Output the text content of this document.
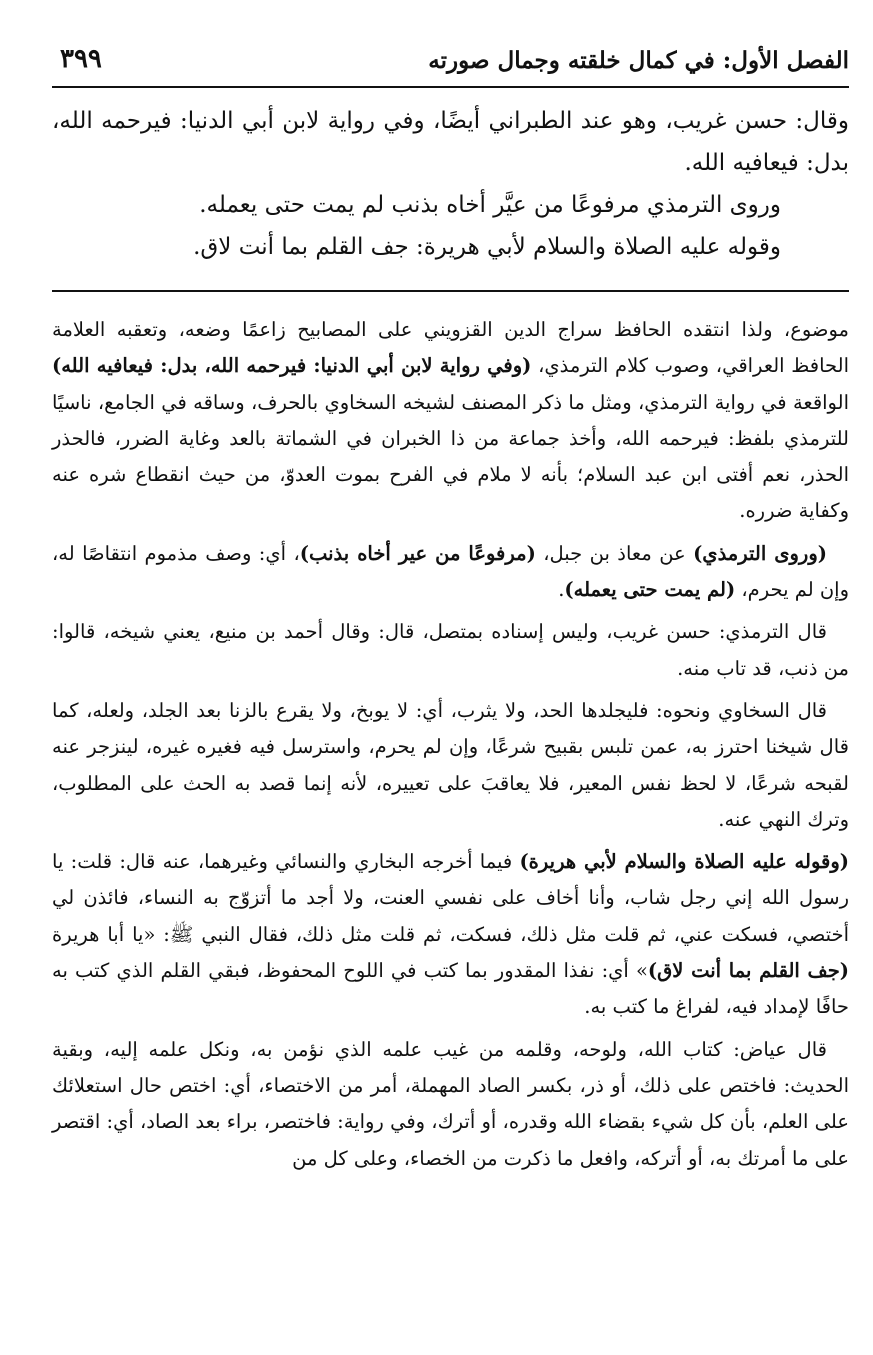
الفصل الأول: في كمال خلقته وجمال صورته
٣٩٩

وقال: حسن غريب، وهو عند الطبراني أيضًا، وفي رواية لابن أبي الدنيا: فيرحمه الله، بدل: فيعافيه الله.

وروى الترمذي مرفوعًا من عيَّر أخاه بذنب لم يمت حتى يعمله.

وقوله عليه الصلاة والسلام لأبي هريرة: جف القلم بما أنت لاق.

موضوع، ولذا انتقده الحافظ سراج الدين القزويني على المصابيح زاعمًا وضعه، وتعقبه العلامة الحافظ العراقي، وصوب كلام الترمذي، (وفي رواية لابن أبي الدنيا: فيرحمه الله، بدل: فيعافيه الله) الواقعة في رواية الترمذي، ومثل ما ذكر المصنف لشيخه السخاوي بالحرف، وساقه في الجامع، ناسيًا للترمذي بلفظ: فيرحمه الله، وأخذ جماعة من ذا الخبران في الشماتة بالعد وغاية الضرر، فالحذر الحذر، نعم أفتى ابن عبد السلام؛ بأنه لا ملام في الفرح بموت العدوّ، من حيث انقطاع شره عنه وكفاية ضرره.

(وروى الترمذي) عن معاذ بن جبل، (مرفوعًا من عير أخاه بذنب)، أي: وصف مذموم انتقاصًا له، وإن لم يحرم، (لم يمت حتى يعمله).

قال الترمذي: حسن غريب، وليس إسناده بمتصل، قال: وقال أحمد بن منيع، يعني شيخه، قالوا: من ذنب، قد تاب منه.

قال السخاوي ونحوه: فليجلدها الحد، ولا يثرب، أي: لا يوبخ، ولا يقرع بالزنا بعد الجلد، ولعله، كما قال شيخنا احترز به، عمن تلبس بقبيح شرعًا، وإن لم يحرم، واسترسل فيه فغيره غيره، لينزجر عنه لقبحه شرعًا، لا لحظ نفس المعير، فلا يعاقبَ على تعييره، لأنه إنما قصد به الحث على المطلوب، وترك النهي عنه.

(وقوله عليه الصلاة والسلام لأبي هريرة) فيما أخرجه البخاري والنسائي وغيرهما، عنه قال: قلت: يا رسول الله إني رجل شاب، وأنا أخاف على نفسي العنت، ولا أجد ما أتزوّج به النساء، فائذن لي أختصي، فسكت عني، ثم قلت مثل ذلك، فسكت، ثم قلت مثل ذلك، فقال النبي ﷺ: «يا أبا هريرة (جف القلم بما أنت لاق)» أي: نفذا المقدور بما كتب في اللوح المحفوظ، فبقي القلم الذي كتب به حافًا لإمداد فيه، لفراغ ما كتب به.

قال عياض: كتاب الله، ولوحه، وقلمه من غيب علمه الذي نؤمن به، ونكل علمه إليه، وبقية الحديث: فاختص على ذلك، أو ذر، بكسر الصاد المهملة، أمر من الاختصاء، أي: اختص حال استعلائك على العلم، بأن كل شيء بقضاء الله وقدره، أو أترك، وفي رواية: فاختصر، براء بعد الصاد، أي: اقتصر على ما أمرتك به، أو أتركه، وافعل ما ذكرت من الخصاء، وعلى كل من
